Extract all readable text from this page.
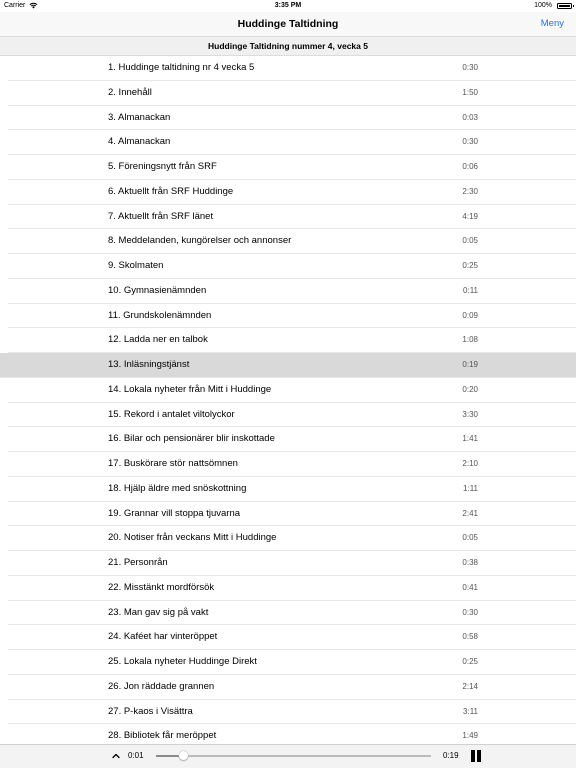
Carrier	3:35 PM	100%
Huddinge Taltidning	Meny
Huddinge Taltidning nummer 4, vecka 5
1. Huddinge taltidning nr 4 vecka 5	0:30
2. Innehåll	1:50
3. Almanackan	0:03
4. Almanackan	0:30
5. Föreningsnytt från SRF	0:06
6. Aktuellt från SRF Huddinge	2:30
7. Aktuellt från SRF länet	4:19
8. Meddelanden, kungörelser och annonser	0:05
9. Skolmaten	0:25
10. Gymnasienämnden	0:11
11. Grundskolenämnden	0:09
12. Ladda ner en talbok	1:08
13. Inläsningstjänst	0:19
14. Lokala nyheter från Mitt i Huddinge	0:20
15. Rekord i antalet viltolyckor	3:30
16. Bilar och pensionärer blir inskottade	1:41
17. Buskörare stör nattsömnen	2:10
18. Hjälp äldre med snöskottning	1:11
19. Grannar vill stoppa tjuvarna	2:41
20. Notiser från veckans Mitt i Huddinge	0:05
21. Personrån	0:38
22. Misstänkt mordförsök	0:41
23. Man gav sig på vakt	0:30
24. Kaféet har vinteröppet	0:58
25. Lokala nyheter Huddinge Direkt	0:25
26. Jon räddade grannen	2:14
27. P-kaos i Visättra	3:11
28. Bibliotek får meröppet	1:49
0:01	0:19
